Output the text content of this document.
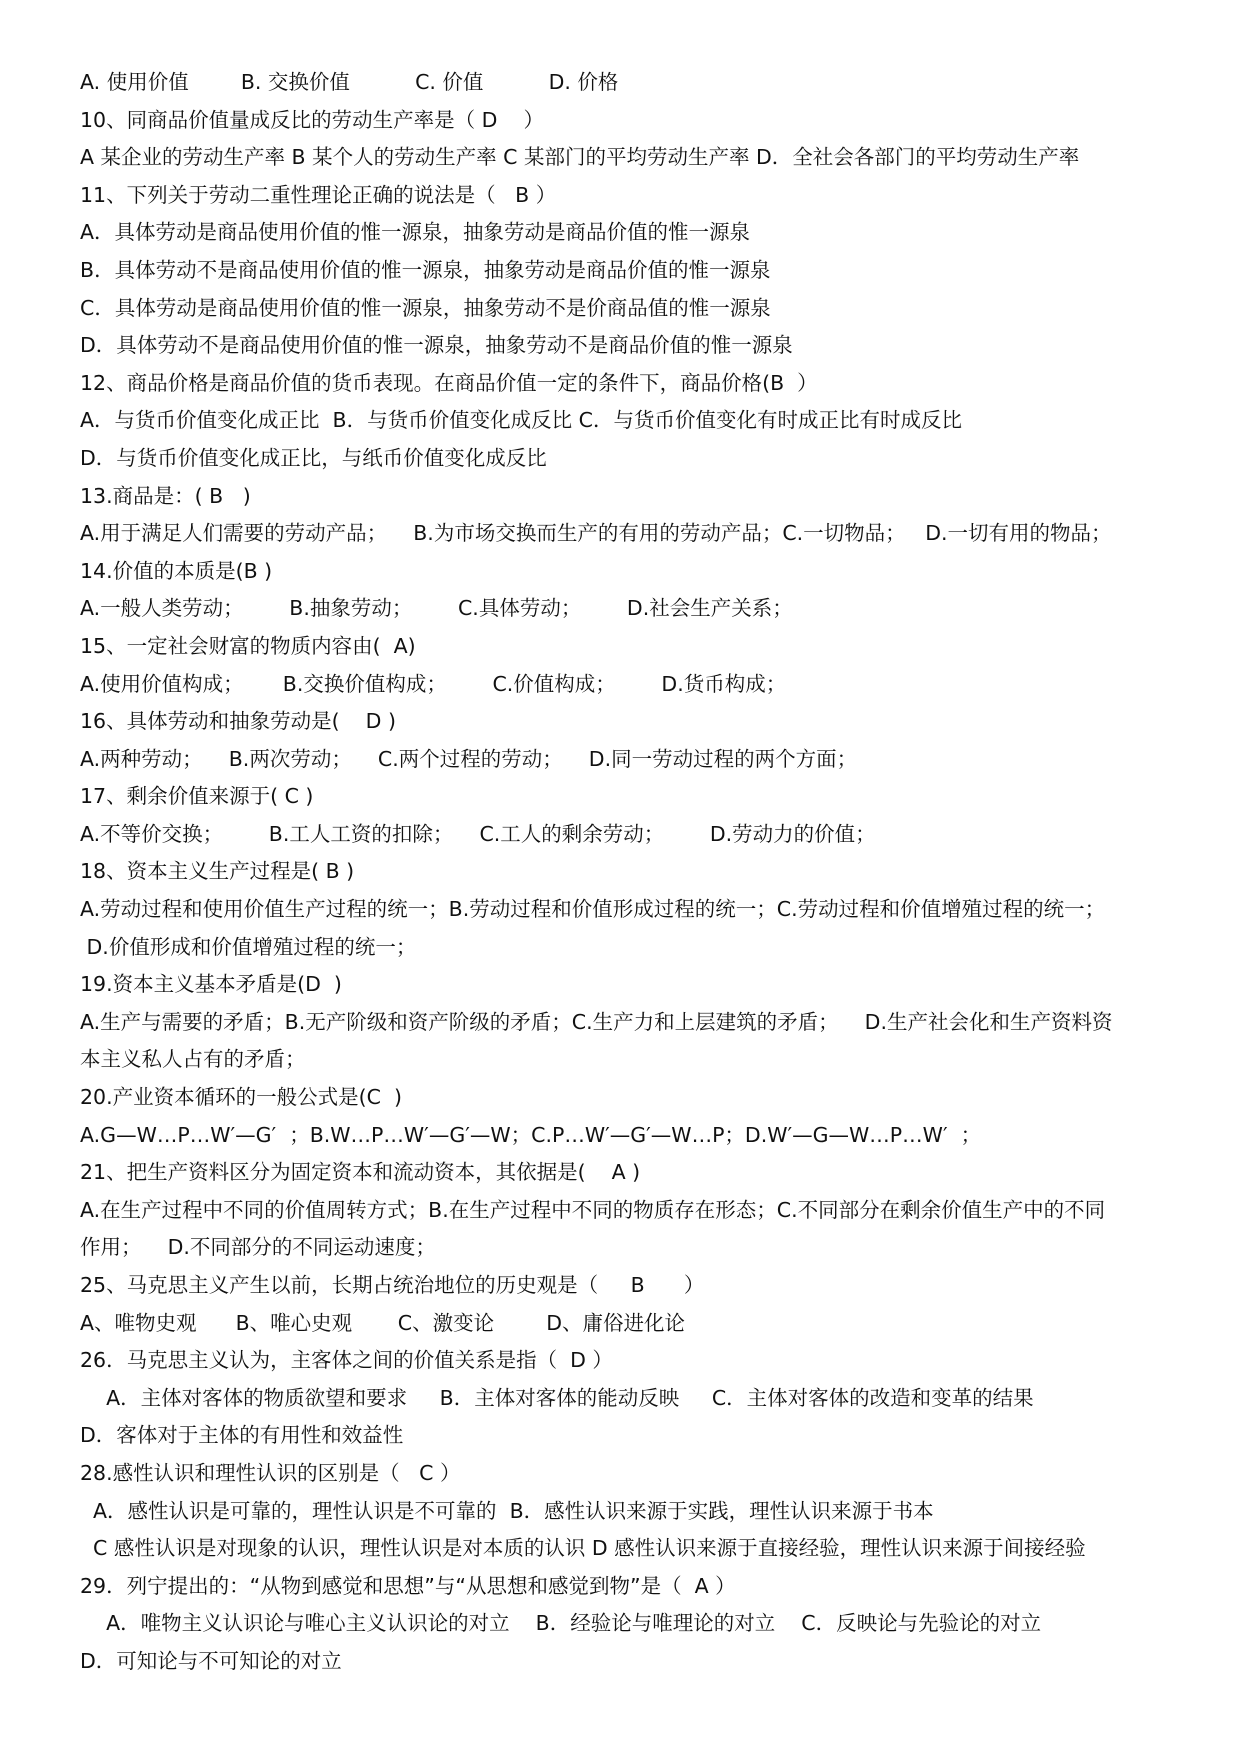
A. 使用价值        B. 交换价值          C. 价值          D. 价格
10、同商品价值量成反比的劳动生产率是（ D    ）
A 某企业的劳动生产率 B 某个人的劳动生产率 C 某部门的平均劳动生产率 D．全社会各部门的平均劳动生产率
11、下列关于劳动二重性理论正确的说法是（   B ）
A．具体劳动是商品使用价值的惟一源泉，抽象劳动是商品价值的惟一源泉
B．具体劳动不是商品使用价值的惟一源泉，抽象劳动是商品价值的惟一源泉
C．具体劳动是商品使用价值的惟一源泉，抽象劳动不是价商品值的惟一源泉
D．具体劳动不是商品使用价值的惟一源泉，抽象劳动不是商品价值的惟一源泉
12、商品价格是商品价值的货币表现。在商品价值一定的条件下，商品价格(B  ）
A．与货币价值变化成正比  B．与货币价值变化成反比 C．与货币价值变化有时成正比有时成反比
D．与货币价值变化成正比，与纸币价值变化成反比
13.商品是：( B   )
A.用于满足人们需要的劳动产品；    B.为市场交换而生产的有用的劳动产品；C.一切物品；   D.一切有用的物品；
14.价值的本质是(B )
A.一般人类劳动；       B.抽象劳动；       C.具体劳动；       D.社会生产关系；
15、一定社会财富的物质内容由(  A)
A.使用价值构成；      B.交换价值构成；       C.价值构成；       D.货币构成；
16、具体劳动和抽象劳动是(    D )
A.两种劳动；    B.两次劳动；    C.两个过程的劳动；    D.同一劳动过程的两个方面；
17、剩余价值来源于( C )
A.不等价交换；       B.工人工资的扣除；    C.工人的剩余劳动；       D.劳动力的价值；
18、资本主义生产过程是( B )
A.劳动过程和使用价值生产过程的统一；B.劳动过程和价值形成过程的统一；C.劳动过程和价值增殖过程的统一；
D.价值形成和价值增殖过程的统一；
19.资本主义基本矛盾是(D  )
A.生产与需要的矛盾；B.无产阶级和资产阶级的矛盾；C.生产力和上层建筑的矛盾；    D.生产社会化和生产资料资
本主义私人占有的矛盾；
20.产业资本循环的一般公式是(C  )
A.G—W…P…W′—G′  ；B.W…P…W′—G′—W；C.P…W′—G′—W…P；D.W′—G—W…P…W′  ；
21、把生产资料区分为固定资本和流动资本，其依据是(    A )
A.在生产过程中不同的价值周转方式；B.在生产过程中不同的物质存在形态；C.不同部分在剩余价值生产中的不同
作用；    D.不同部分的不同运动速度；
25、马克思主义产生以前，长期占统治地位的历史观是（     B      ）
A、唯物史观      B、唯心史观       C、激变论        D、庸俗进化论
26．马克思主义认为，主客体之间的价值关系是指（  D ）
A．主体对客体的物质欲望和要求     B．主体对客体的能动反映     C．主体对客体的改造和变革的结果
D．客体对于主体的有用性和效益性
28.感性认识和理性认识的区别是（   C ）
A．感性认识是可靠的，理性认识是不可靠的  B．感性认识来源于实践，理性认识来源于书本
C 感性认识是对现象的认识，理性认识是对本质的认识 D 感性认识来源于直接经验，理性认识来源于间接经验
29．列宁提出的：“从物到感觉和思想”与“从思想和感觉到物”是（  A ）
A．唯物主义认识论与唯心主义认识论的对立    B．经验论与唯理论的对立    C．反映论与先验论的对立
D．可知论与不可知论的对立
